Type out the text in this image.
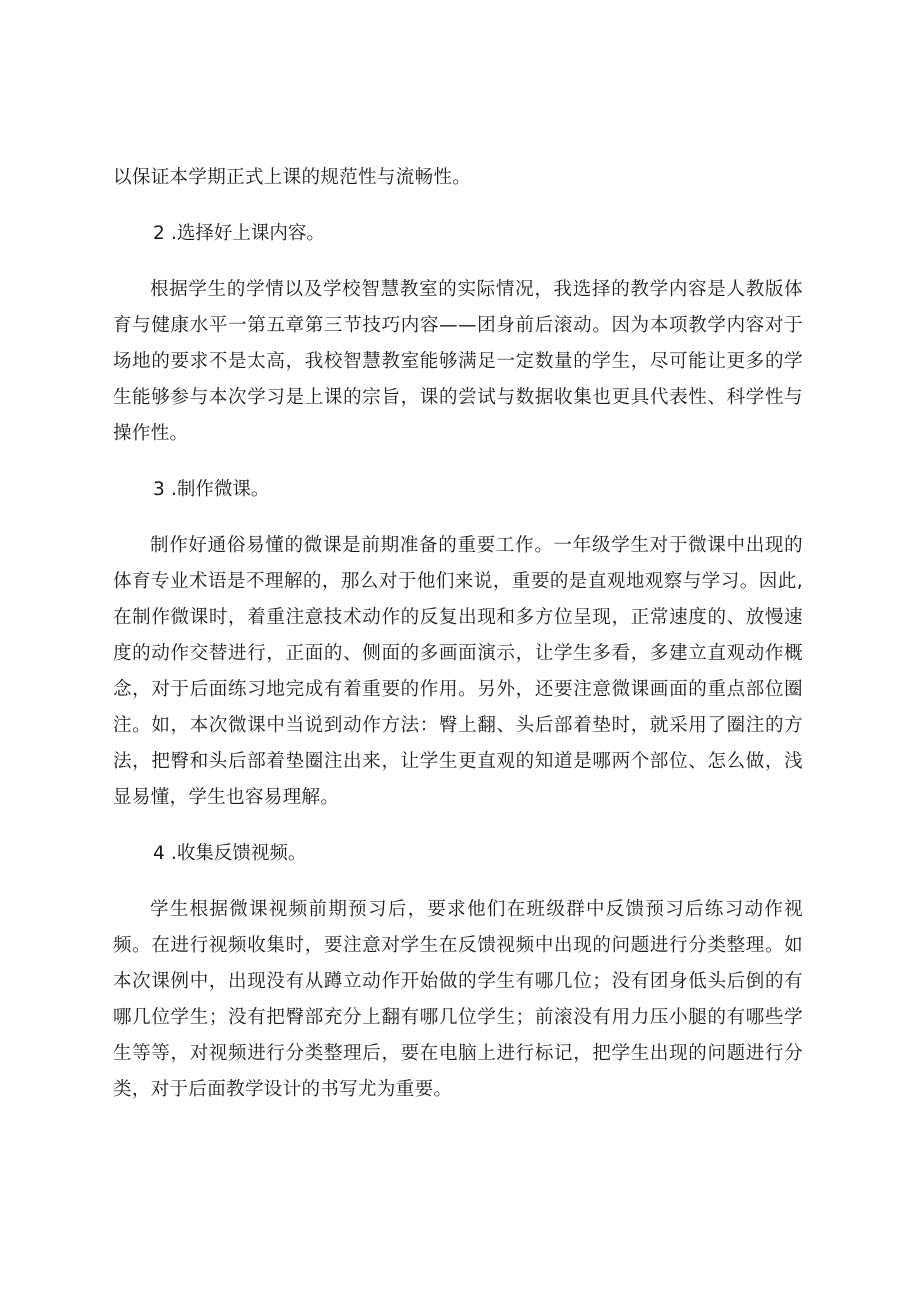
以保证本学期正式上课的规范性与流畅性。

2 .选择好上课内容。

根据学生的学情以及学校智慧教室的实际情况，我选择的教学内容是人教版体育与健康水平一第五章第三节技巧内容——团身前后滚动。因为本项教学内容对于场地的要求不是太高，我校智慧教室能够满足一定数量的学生，尽可能让更多的学生能够参与本次学习是上课的宗旨，课的尝试与数据收集也更具代表性、科学性与操作性。

3 .制作微课。

制作好通俗易懂的微课是前期准备的重要工作。一年级学生对于微课中出现的体育专业术语是不理解的，那么对于他们来说，重要的是直观地观察与学习。因此,在制作微课时，着重注意技术动作的反复出现和多方位呈现，正常速度的、放慢速度的动作交替进行，正面的、侧面的多画面演示，让学生多看，多建立直观动作概念，对于后面练习地完成有着重要的作用。另外，还要注意微课画面的重点部位圈注。如，本次微课中当说到动作方法：臀上翻、头后部着垫时，就采用了圈注的方法，把臀和头后部着垫圈注出来，让学生更直观的知道是哪两个部位、怎么做，浅显易懂，学生也容易理解。

4 .收集反馈视频。

学生根据微课视频前期预习后，要求他们在班级群中反馈预习后练习动作视频。在进行视频收集时，要注意对学生在反馈视频中出现的问题进行分类整理。如本次课例中，出现没有从蹲立动作开始做的学生有哪几位；没有团身低头后倒的有哪几位学生；没有把臀部充分上翻有哪几位学生；前滚没有用力压小腿的有哪些学生等等，对视频进行分类整理后，要在电脑上进行标记，把学生出现的问题进行分类，对于后面教学设计的书写尤为重要。
